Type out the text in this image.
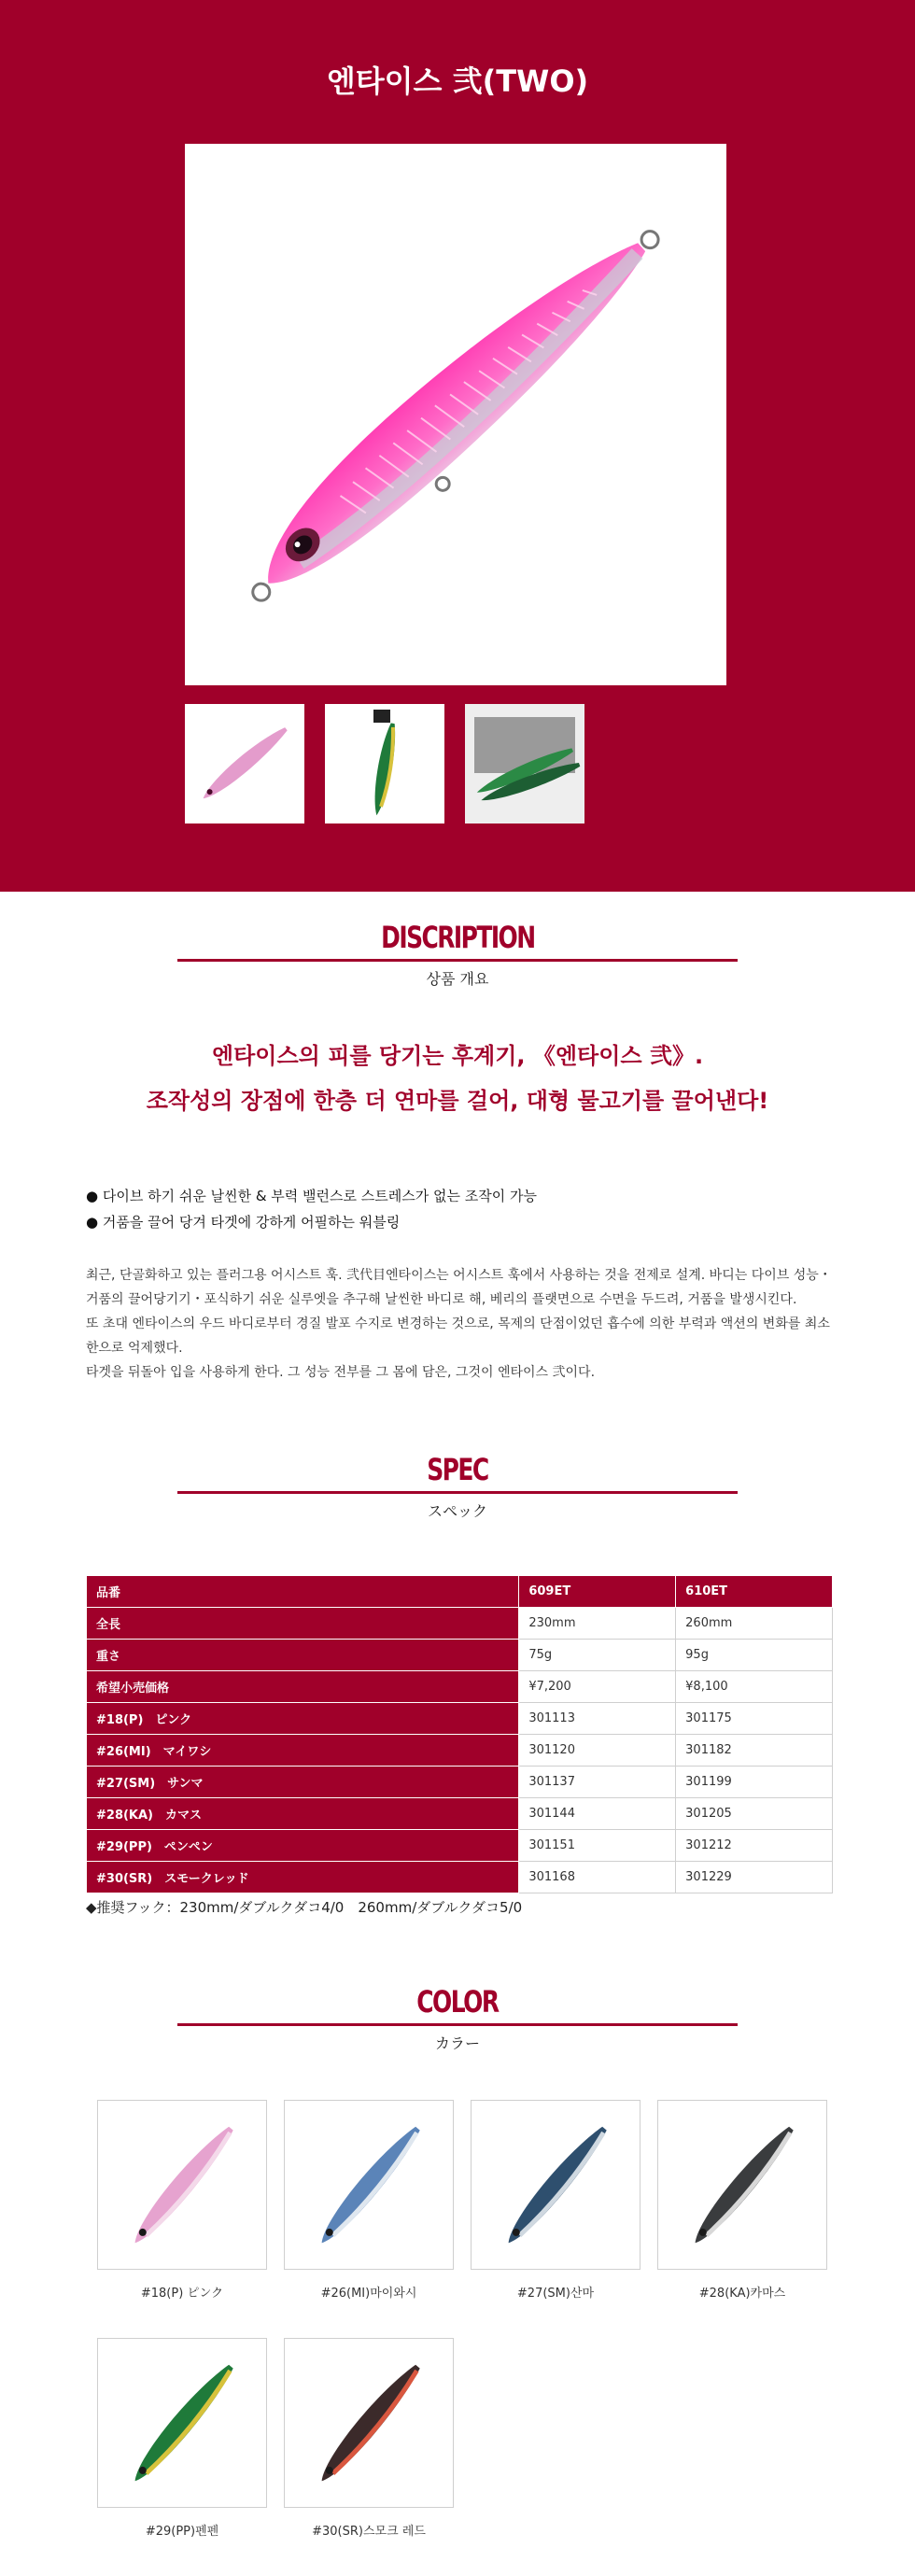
엔타이스 弐(TWO)
DISCRIPTION
상품 개요
엔타이스의 피를 당기는 후계기, 《엔타이스 弐》.
조작성의 장점에 한층 더 연마를 걸어, 대형 물고기를 끌어낸다!
● 다이브 하기 쉬운 날씬한 & 부력 밸런스로 스트레스가 없는 조작이 가능
● 거품을 끌어 당겨 타겟에 강하게 어필하는 워블링

최근, 단골화하고 있는 플러그용 어시스트 훅. 弐代目엔타이스는 어시스트 훅에서 사용하는 것을 전제로 설계. 바디는 다이브 성능・거품의 끌어당기기・포식하기 쉬운 실루엣을 추구해 날씬한 바디로 해, 베리의 플랫면으로 수면을 두드려, 거품을 발생시킨다.

또 초대 엔타이스의 우드 바디로부터 경질 발포 수지로 변경하는 것으로, 목제의 단점이었던 흡수에 의한 부력과 액션의 변화를 최소한으로 억제했다.

타겟을 뒤돌아 입을 사용하게 한다. 그 성능 전부를 그 몸에 담은, 그것이 엔타이스 弐이다.

SPEC
スペック
品番	609ET	610ET
全長	230mm	260mm
重さ	75g	95g
希望小売価格	¥7,200	¥8,100
#18(P)　ピンク	301113	301175
#26(MI)　マイワシ	301120	301182
#27(SM)　サンマ	301137	301199
#28(KA)　カマス	301144	301205
#29(PP)　ペンペン	301151	301212
#30(SR)　スモークレッド	301168	301229
◆推奨フック：230mm/ダブルクダコ4/0　260mm/ダブルクダコ5/0
COLOR
カラー
#18(P) ピンク	#26(MI)마이와시	#27(SM)산마	#28(KA)카마스
#29(PP)펜펜	#30(SR)스모크 레드
